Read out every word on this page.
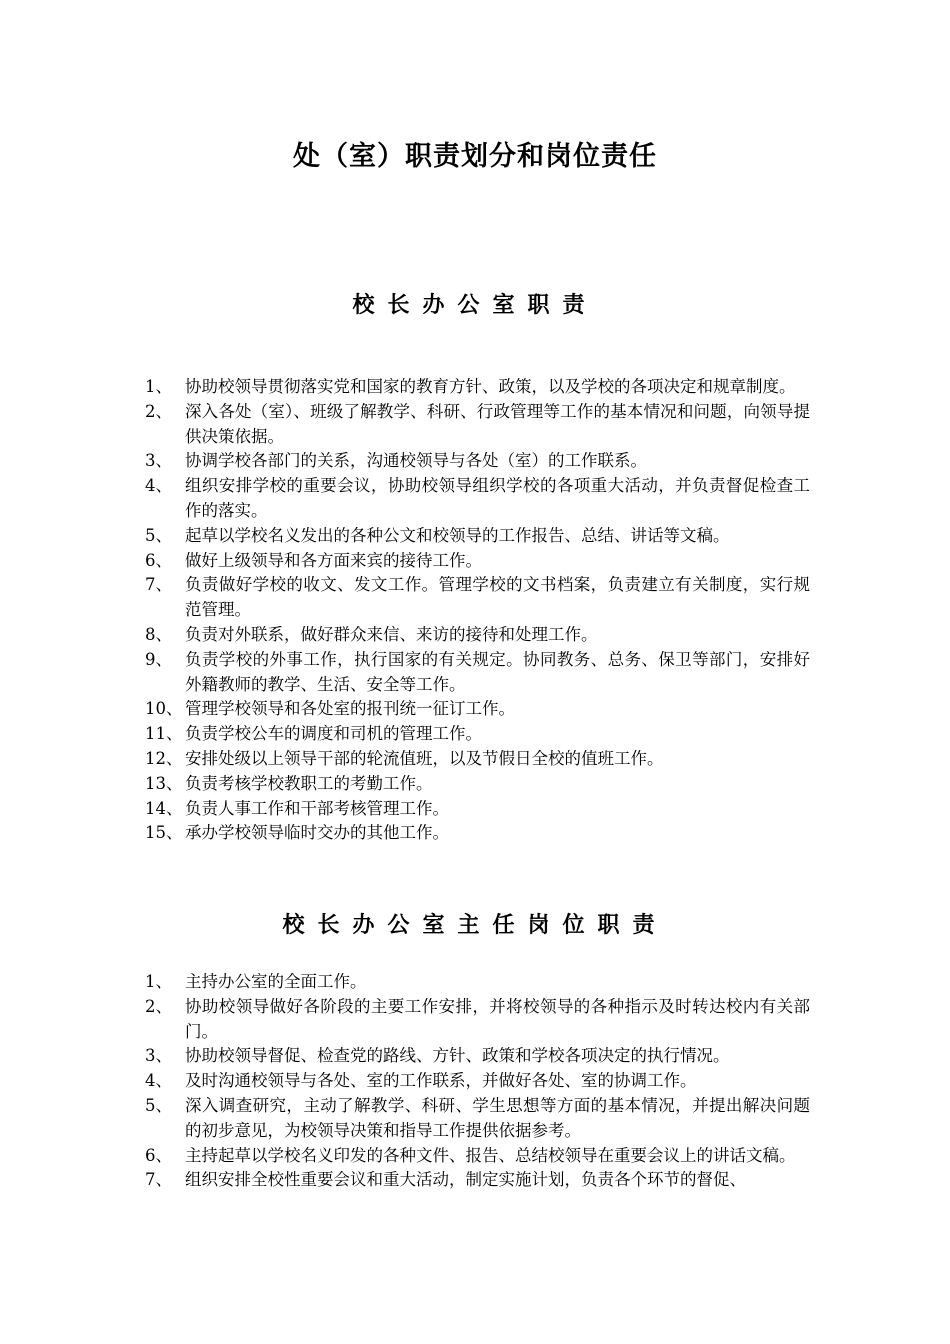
处（室）职责划分和岗位责任
校长办公室职责
1、 协助校领导贯彻落实党和国家的教育方针、政策，以及学校的各项决定和规章制度。
2、 深入各处（室）、班级了解教学、科研、行政管理等工作的基本情况和问题，向领导提供决策依据。
3、 协调学校各部门的关系，沟通校领导与各处（室）的工作联系。
4、 组织安排学校的重要会议，协助校领导组织学校的各项重大活动，并负责督促检查工作的落实。
5、 起草以学校名义发出的各种公文和校领导的工作报告、总结、讲话等文稿。
6、 做好上级领导和各方面来宾的接待工作。
7、 负责做好学校的收文、发文工作。管理学校的文书档案，负责建立有关制度，实行规范管理。
8、 负责对外联系，做好群众来信、来访的接待和处理工作。
9、 负责学校的外事工作，执行国家的有关规定。协同教务、总务、保卫等部门，安排好外籍教师的教学、生活、安全等工作。
10、 管理学校领导和各处室的报刊统一征订工作。
11、 负责学校公车的调度和司机的管理工作。
12、 安排处级以上领导干部的轮流值班，以及节假日全校的值班工作。
13、 负责考核学校教职工的考勤工作。
14、 负责人事工作和干部考核管理工作。
15、 承办学校领导临时交办的其他工作。
校长办公室主任岗位职责
1、 主持办公室的全面工作。
2、 协助校领导做好各阶段的主要工作安排，并将校领导的各种指示及时转达校内有关部门。
3、 协助校领导督促、检查党的路线、方针、政策和学校各项决定的执行情况。
4、 及时沟通校领导与各处、室的工作联系，并做好各处、室的协调工作。
5、 深入调查研究，主动了解教学、科研、学生思想等方面的基本情况，并提出解决问题的初步意见，为校领导决策和指导工作提供依据参考。
6、 主持起草以学校名义印发的各种文件、报告、总结校领导在重要会议上的讲话文稿。
7、 组织安排全校性重要会议和重大活动，制定实施计划，负责各个环节的督促、
